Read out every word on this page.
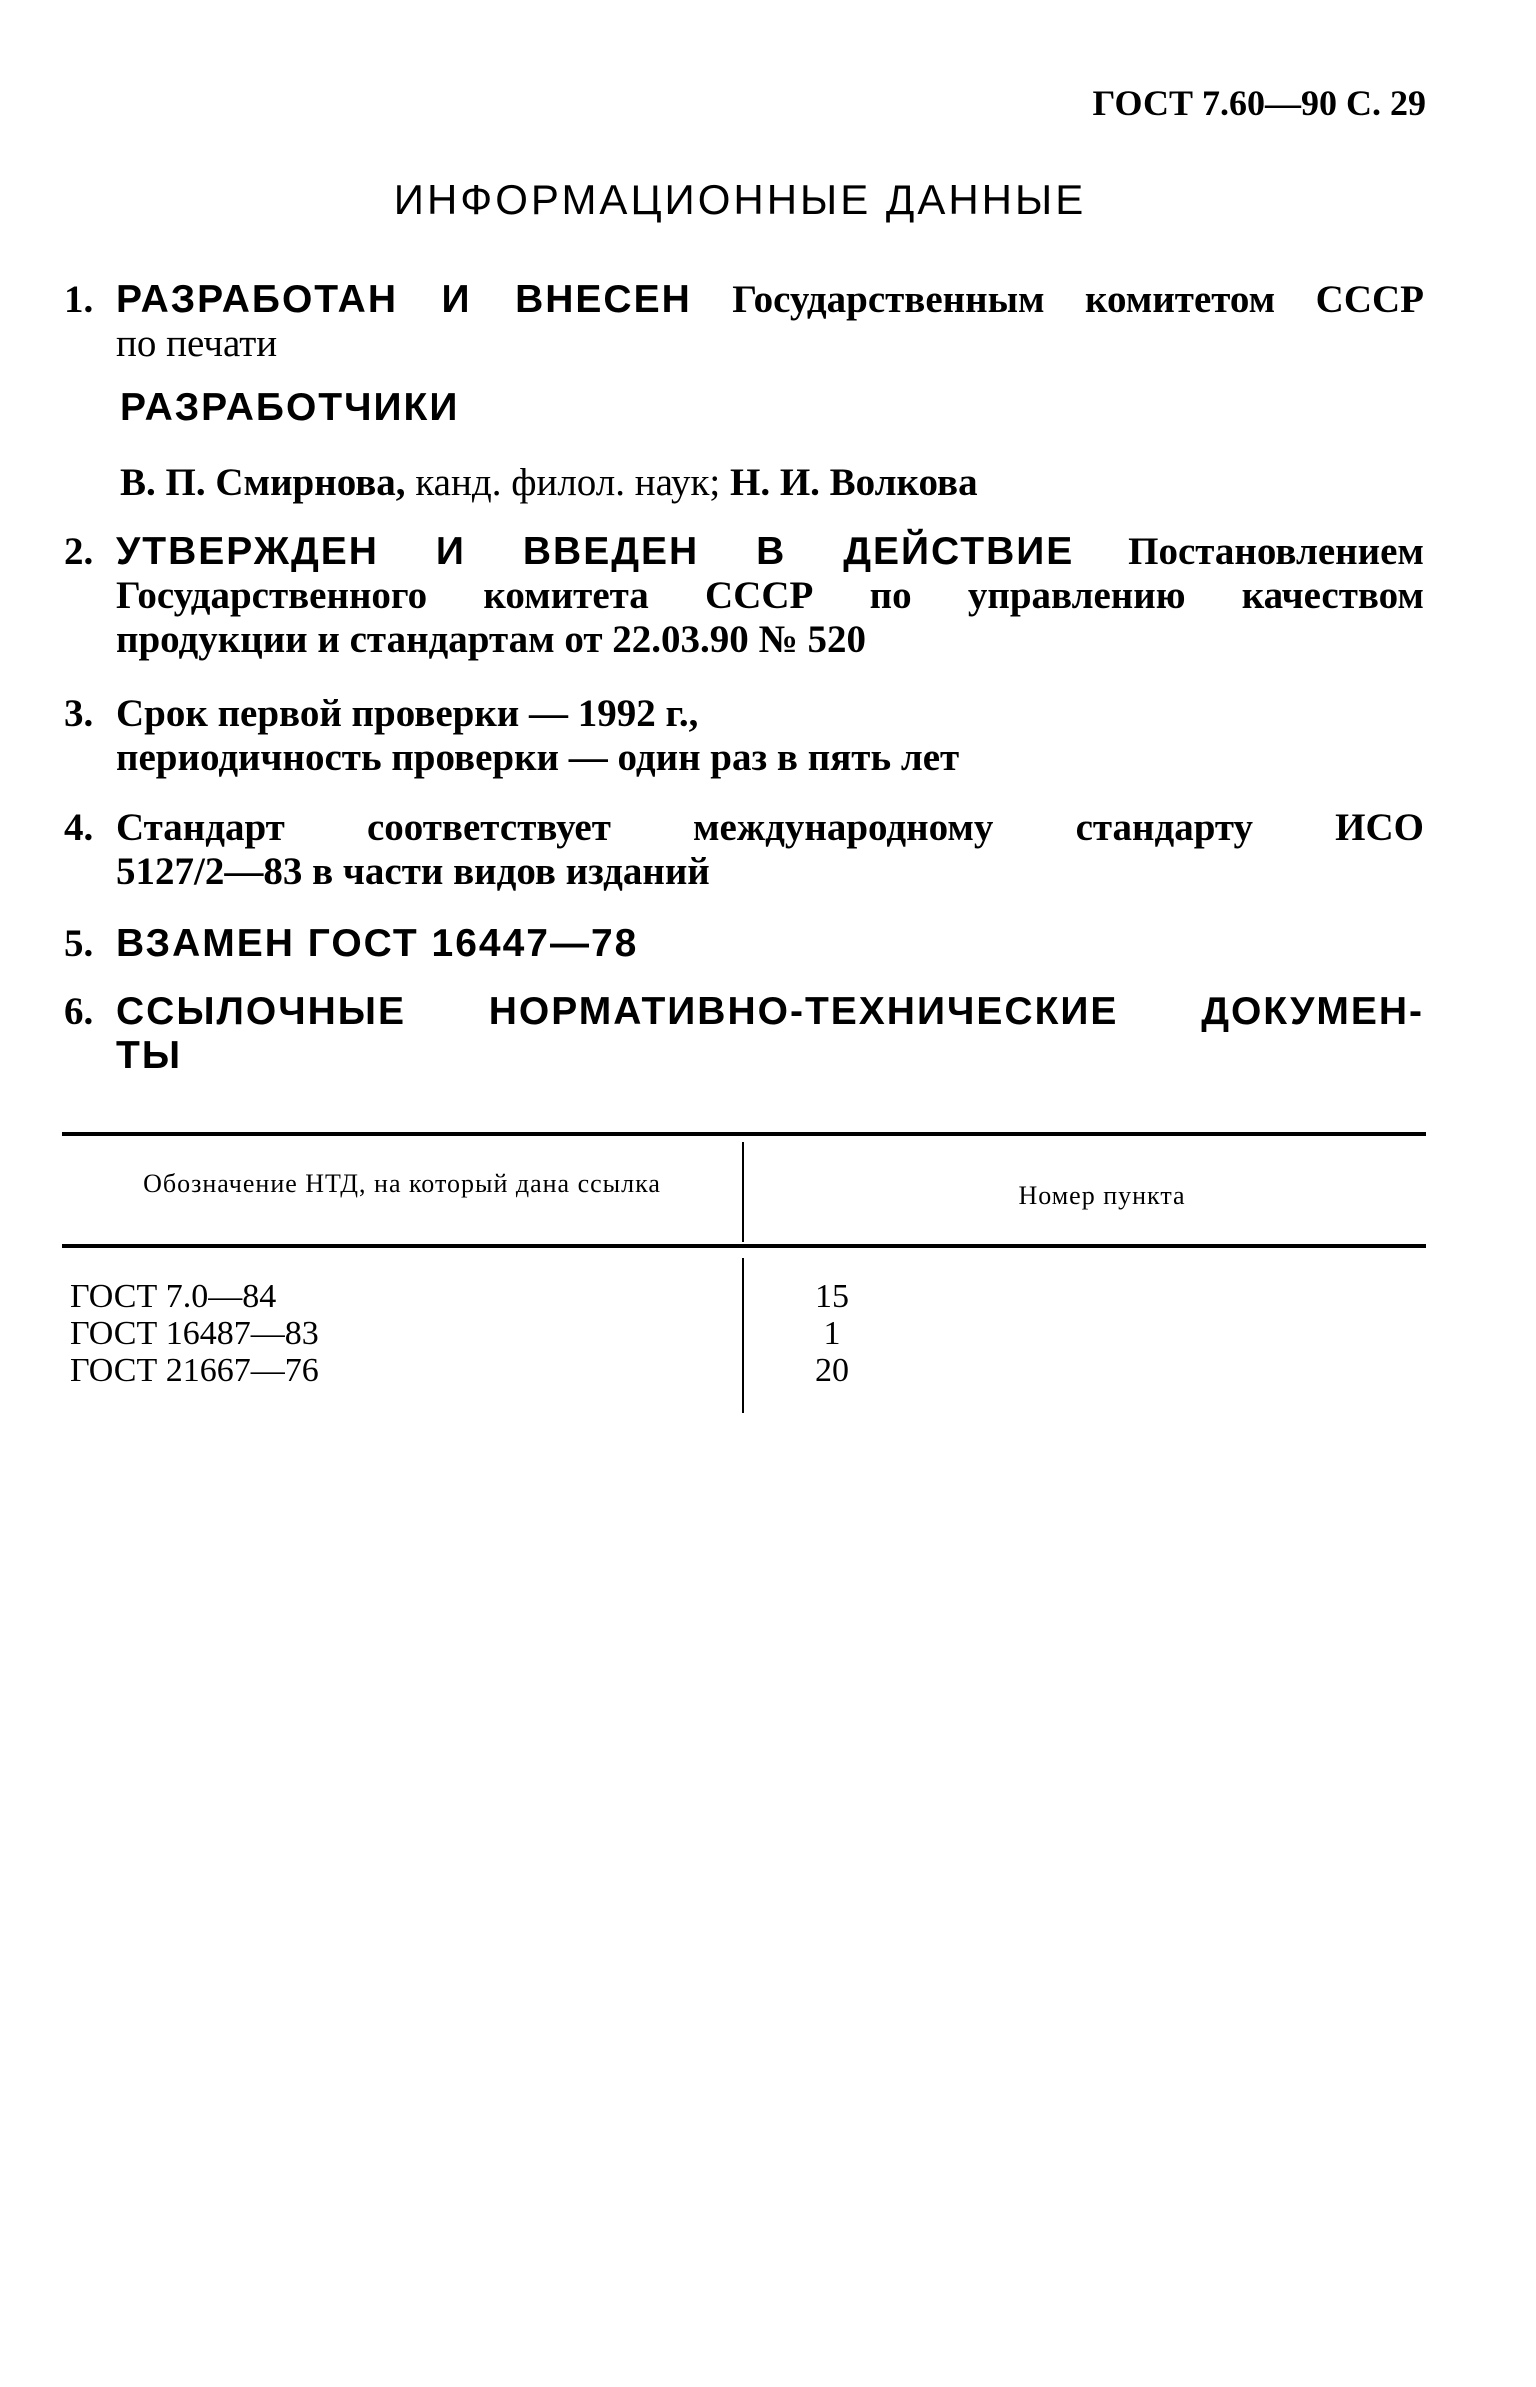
ГОСТ 7.60—90 С. 29
ИНФОРМАЦИОННЫЕ ДАННЫЕ
1. РАЗРАБОТАН И ВНЕСЕН Государственным комитетом СССР
по печати
РАЗРАБОТЧИКИ
В. П. Смирнова, канд. филол. наук; Н. И. Волкова
2. УТВЕРЖДЕН И ВВЕДЕН В ДЕЙСТВИЕ Постановлением
Государственного комитета СССР по управлению качеством
продукции и стандартам от 22.03.90 № 520
3. Срок первой проверки — 1992 г.,
периодичность проверки — один раз в пять лет
4. Стандарт соответствует международному стандарту ИСО
5127/2—83 в части видов изданий
5. ВЗАМЕН ГОСТ 16447—78
6. ССЫЛОЧНЫЕ НОРМАТИВНО-ТЕХНИЧЕСКИЕ ДОКУМЕН-
ТЫ
Обозначение НТД, на который дана ссылка	Номер пункта
ГОСТ 7.0—84
ГОСТ 16487—83
ГОСТ 21667—76
15
1
20
